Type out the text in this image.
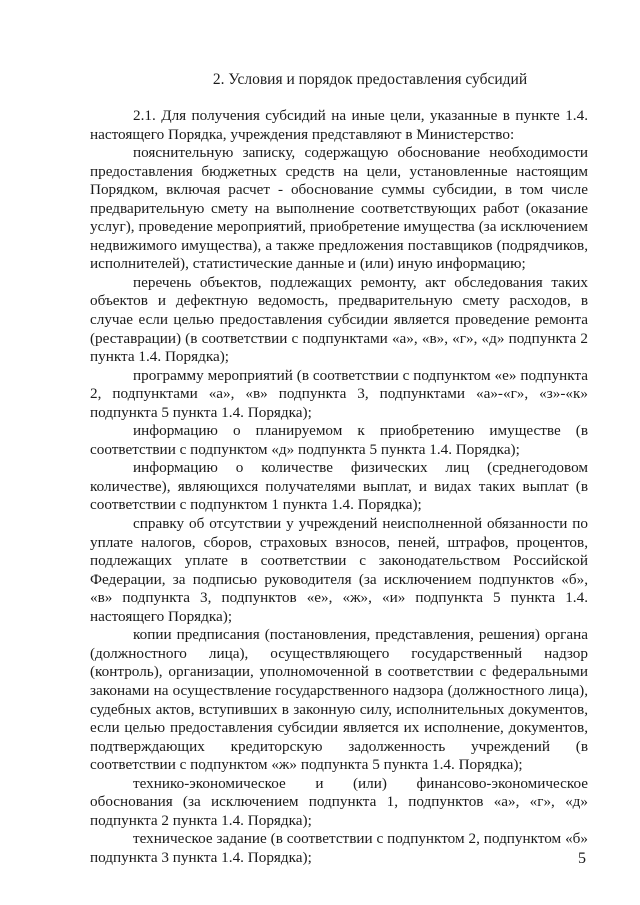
2. Условия и порядок предоставления субсидий

2.1. Для получения субсидий на иные цели, указанные в пункте 1.4. настоящего Порядка, учреждения представляют в Министерство:

пояснительную записку, содержащую обоснование необходимости предоставления бюджетных средств на цели, установленные настоящим Порядком, включая расчет - обоснование суммы субсидии, в том числе предварительную смету на выполнение соответствующих работ (оказание услуг), проведение мероприятий, приобретение имущества (за исключением недвижимого имущества), а также предложения поставщиков (подрядчиков, исполнителей), статистические данные и (или) иную информацию;

перечень объектов, подлежащих ремонту, акт обследования таких объектов и дефектную ведомость, предварительную смету расходов, в случае если целью предоставления субсидии является проведение ремонта (реставрации) (в соответствии с подпунктами «а», «в», «г», «д» подпункта 2 пункта 1.4. Порядка);

программу мероприятий (в соответствии с подпунктом «е» подпункта 2, подпунктами «а», «в» подпункта 3, подпунктами «а»-«г», «з»-«к» подпункта 5 пункта 1.4. Порядка);

информацию о планируемом к приобретению имуществе (в соответствии с подпунктом «д» подпункта 5 пункта 1.4. Порядка);

информацию о количестве физических лиц (среднегодовом количестве), являющихся получателями выплат, и видах таких выплат (в соответствии с подпунктом 1 пункта 1.4. Порядка);

справку об отсутствии у учреждений неисполненной обязанности по уплате налогов, сборов, страховых взносов, пеней, штрафов, процентов, подлежащих уплате в соответствии с законодательством Российской Федерации, за подписью руководителя (за исключением подпунктов «б», «в» подпункта 3, подпунктов «е», «ж», «и» подпункта 5 пункта 1.4. настоящего Порядка);

копии предписания (постановления, представления, решения) органа (должностного лица), осуществляющего государственный надзор (контроль), организации, уполномоченной в соответствии с федеральными законами на осуществление государственного надзора (должностного лица), судебных актов, вступивших в законную силу, исполнительных документов, если целью предоставления субсидии является их исполнение, документов, подтверждающих кредиторскую задолженность учреждений (в соответствии с подпунктом «ж» подпункта 5 пункта 1.4. Порядка);

технико-экономическое и (или) финансово-экономическое обоснования (за исключением подпункта 1, подпунктов «а», «г», «д» подпункта 2 пункта 1.4. Порядка);

техническое задание (в соответствии с подпунктом 2, подпунктом «б» подпункта 3 пункта 1.4. Порядка);	5
